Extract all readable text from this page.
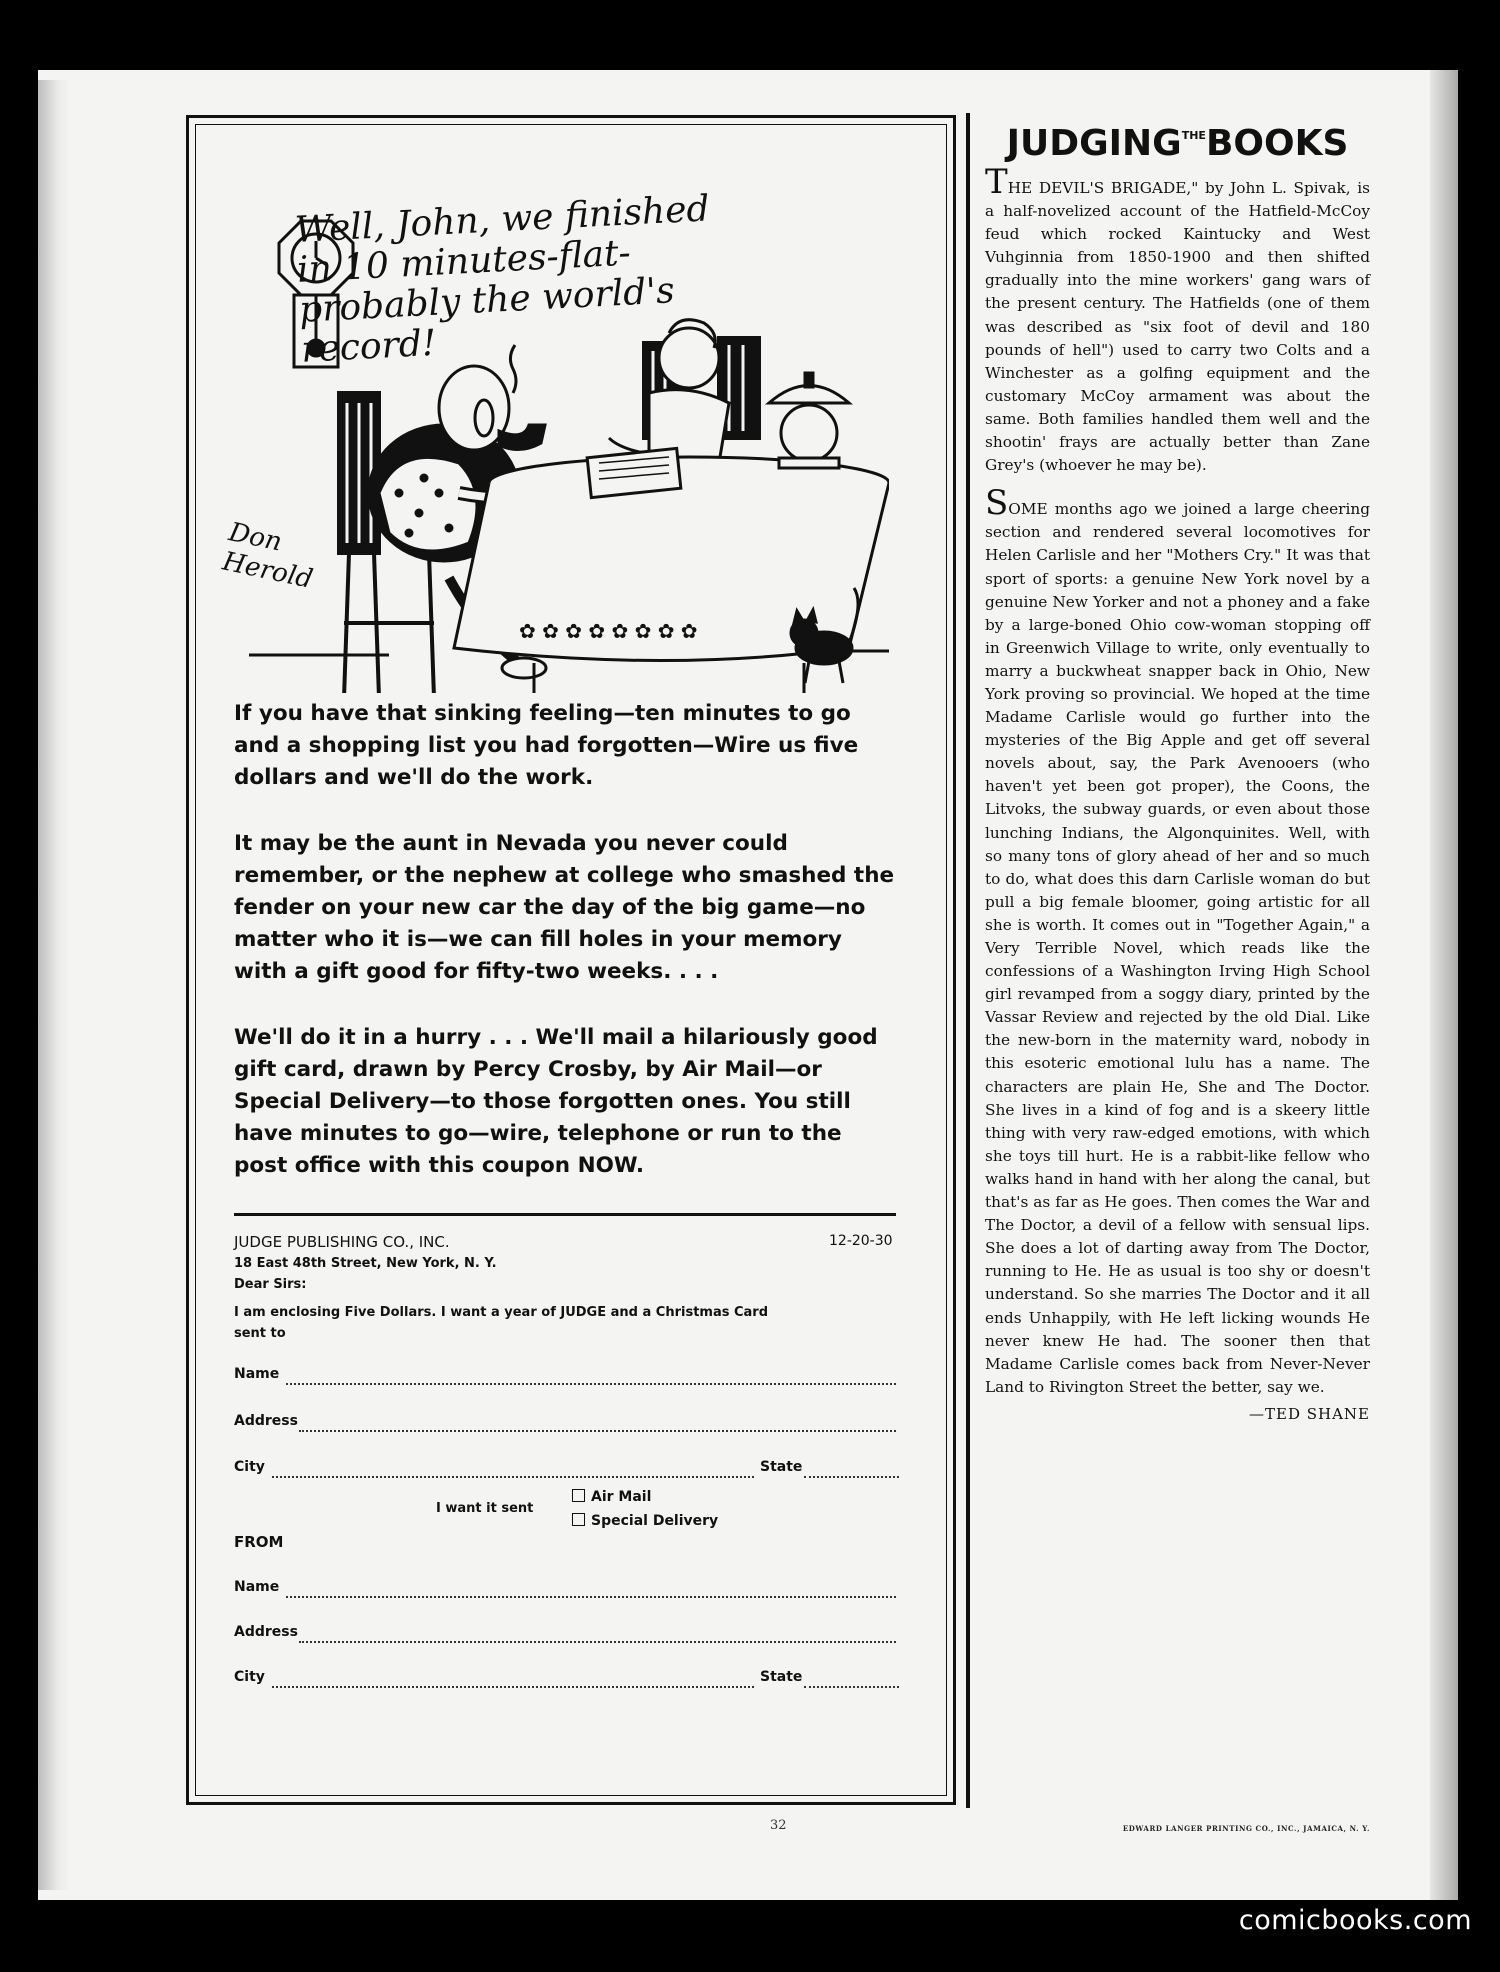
✿ ✿ ✿ ✿ ✿ ✿ ✿ ✿
Well, John, we finished in 10 minutes-flat-probably the world's record!
Don Herold

If you have that sinking feeling—ten minutes to go and a shopping list you had forgotten—Wire us five dollars and we'll do the work.

It may be the aunt in Nevada you never could remember, or the nephew at college who smashed the fender on your new car the day of the big game—no matter who it is—we can fill holes in your memory with a gift good for fifty-two weeks. . . .

We'll do it in a hurry . . . We'll mail a hilariously good gift card, drawn by Percy Crosby, by Air Mail—or Special Delivery—to those forgotten ones. You still have minutes to go—wire, telephone or run to the post office with this coupon NOW.

JUDGE PUBLISHING CO., INC.	12-20-30
18 East 48th Street, New York, N. Y.
Dear Sirs:
I am enclosing Five Dollars. I want a year of JUDGE and a Christmas Card
sent to
Name
Address
City	State
I want it sent
Air Mail
Special Delivery
FROM
Name
Address
City	State
$JUDGING^{THE}BOOKS$

THE DEVIL'S BRIGADE," by John L. Spivak, is a half-novelized account of the Hatfield-McCoy feud which rocked Kaintucky and West Vuhginnia from 1850-1900 and then shifted gradually into the mine workers' gang wars of the present century. The Hatfields (one of them was described as "six foot of devil and 180 pounds of hell") used to carry two Colts and a Winchester as a golfing equipment and the customary McCoy armament was about the same. Both families handled them well and the shootin' frays are actually better than Zane Grey's (whoever he may be).

SOME months ago we joined a large cheering section and rendered several locomotives for Helen Carlisle and her "Mothers Cry." It was that sport of sports: a genuine New York novel by a genuine New Yorker and not a phoney and a fake by a large-boned Ohio cow-woman stopping off in Greenwich Village to write, only eventually to marry a buckwheat snapper back in Ohio, New York proving so provincial. We hoped at the time Madame Carlisle would go further into the mysteries of the Big Apple and get off several novels about, say, the Park Avenooers (who haven't yet been got proper), the Coons, the Litvoks, the subway guards, or even about those lunching Indians, the Algonquinites. Well, with so many tons of glory ahead of her and so much to do, what does this darn Carlisle woman do but pull a big female bloomer, going artistic for all she is worth. It comes out in "Together Again," a Very Terrible Novel, which reads like the confessions of a Washington Irving High School girl revamped from a soggy diary, printed by the Vassar Review and rejected by the old Dial. Like the new-born in the maternity ward, nobody in this esoteric emotional lulu has a name. The characters are plain He, She and The Doctor. She lives in a kind of fog and is a skeery little thing with very raw-edged emotions, with which she toys till hurt. He is a rabbit-like fellow who walks hand in hand with her along the canal, but that's as far as He goes. Then comes the War and The Doctor, a devil of a fellow with sensual lips. She does a lot of darting away from The Doctor, running to He. He as usual is too shy or doesn't understand. So she marries The Doctor and it all ends Unhappily, with He left licking wounds He never knew He had. The sooner then that Madame Carlisle comes back from Never-Never Land to Rivington Street the better, say we.

—TED SHANE
32	EDWARD LANGER PRINTING CO., INC., JAMAICA, N. Y.
comicbooks.com
